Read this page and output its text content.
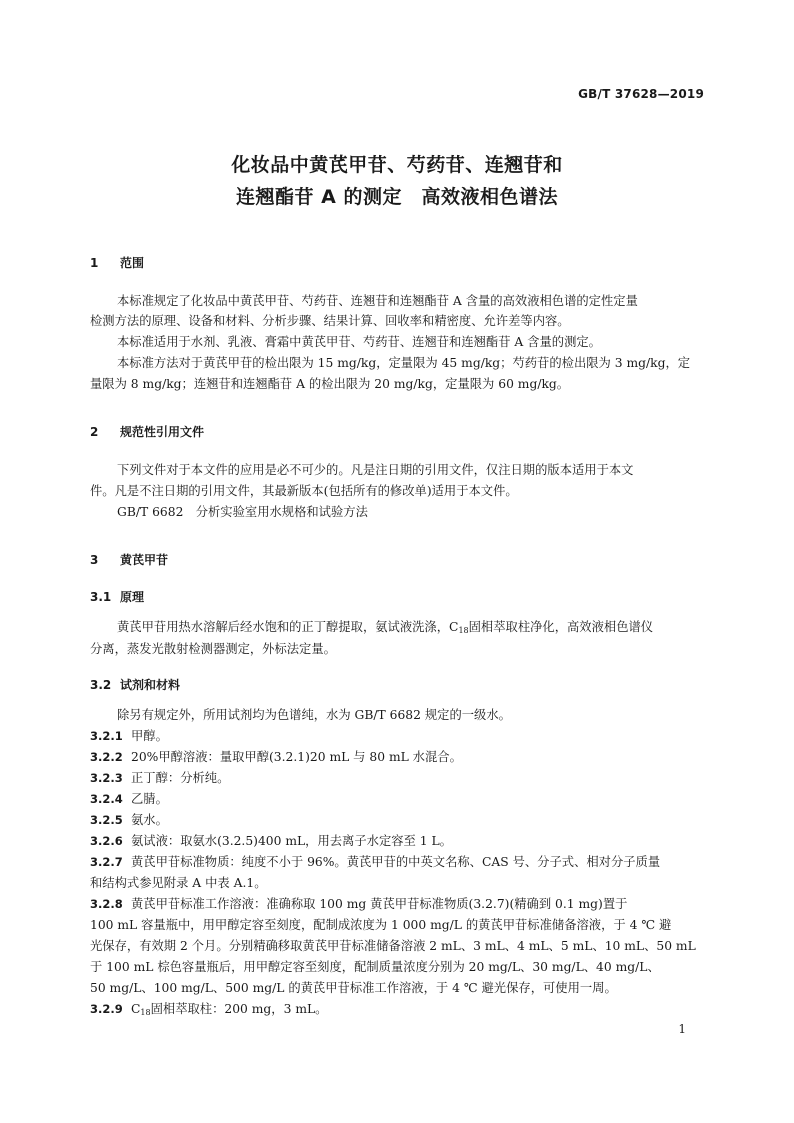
GB/T 37628—2019
化妆品中黄芪甲苷、芍药苷、连翘苷和
连翘酯苷 A 的测定　高效液相色谱法
1 范围
本标准规定了化妆品中黄芪甲苷、芍药苷、连翘苷和连翘酯苷 A 含量的高效液相色谱的定性定量
检测方法的原理、设备和材料、分析步骤、结果计算、回收率和精密度、允许差等内容。
本标准适用于水剂、乳液、膏霜中黄芪甲苷、芍药苷、连翘苷和连翘酯苷 A 含量的测定。
本标准方法对于黄芪甲苷的检出限为 15 mg/kg，定量限为 45 mg/kg；芍药苷的检出限为 3 mg/kg，定
量限为 8 mg/kg；连翘苷和连翘酯苷 A 的检出限为 20 mg/kg，定量限为 60 mg/kg。
2 规范性引用文件
下列文件对于本文件的应用是必不可少的。凡是注日期的引用文件，仅注日期的版本适用于本文
件。凡是不注日期的引用文件，其最新版本(包括所有的修改单)适用于本文件。
GB/T 6682　分析实验室用水规格和试验方法
3 黄芪甲苷
3.1 原理
黄芪甲苷用热水溶解后经水饱和的正丁醇提取，氨试液洗涤，$C_{18}$固相萃取柱净化，高效液相色谱仪
分离，蒸发光散射检测器测定，外标法定量。
3.2 试剂和材料
除另有规定外，所用试剂均为色谱纯，水为 GB/T 6682 规定的一级水。
3.2.1 甲醇。
3.2.2 20%甲醇溶液：量取甲醇(3.2.1)20 mL 与 80 mL 水混合。
3.2.3 正丁醇：分析纯。
3.2.4 乙腈。
3.2.5 氨水。
3.2.6 氨试液：取氨水(3.2.5)400 mL，用去离子水定容至 1 L。
3.2.7 黄芪甲苷标准物质：纯度不小于 96%。黄芪甲苷的中英文名称、CAS 号、分子式、相对分子质量
和结构式参见附录 A 中表 A.1。
3.2.8 黄芪甲苷标准工作溶液：准确称取 100 mg 黄芪甲苷标准物质(3.2.7)(精确到 0.1 mg)置于
100 mL 容量瓶中，用甲醇定容至刻度，配制成浓度为 1 000 mg/L 的黄芪甲苷标准储备溶液，于 4 ℃ 避
光保存，有效期 2 个月。分别精确移取黄芪甲苷标准储备溶液 2 mL、3 mL、4 mL、5 mL、10 mL、50 mL
于 100 mL 棕色容量瓶后，用甲醇定容至刻度，配制质量浓度分别为 20 mg/L、30 mg/L、40 mg/L、
50 mg/L、100 mg/L、500 mg/L 的黄芪甲苷标准工作溶液，于 4 ℃ 避光保存，可使用一周。
3.2.9 $C_{18}$固相萃取柱：200 mg，3 mL。
1
